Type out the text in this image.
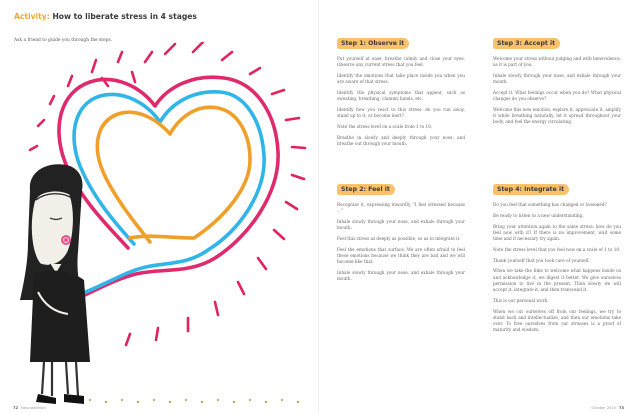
Activity: How to liberate stress in 4 stages
Ask a friend to guide you through the steps.	Step 1: Observe it

Put yourself at ease, breathe calmly and close your eyes. Observe any current stress that you feel.

Identify the emotions that take place inside you when you are aware of that stress.

Identify the physical symptoms that appear, such as sweating, breathing, clammy hands, etc.

Identify how you react to this stress: do you run away, stand up to it, or become inert?

Note the stress level on a scale from 1 to 10.

Breathe in slowly and deeply through your nose, and breathe out through your mouth.

Step 2: Feel it

Recognize it, expressing inwardly, "I feel stressed because ..."

Inhale slowly through your nose, and exhale through your mouth.

Feel this stress as deeply as possible, so as to integrate it.

Feel the emotions that surface. We are often afraid to feel these emotions because we think they are bad and we will become like that.

Inhale slowly through your nose, and exhale through your mouth.

Step 3: Accept it

Welcome your stress without judging and with benevolence, as it is part of you.

Inhale slowly through your nose, and exhale through your mouth.

Accept it. What feelings occur when you do? What physical changes do you observe?

Welcome this new emotion, explore it, appreciate it, amplify it while breathing naturally, let it spread throughout your body, and feel the energy circulating.

Step 4: Integrate it

Do you feel that something has changed or loosened?

Be ready to listen to a new understanding.

Bring your attention again to the same stress: how do you feel now with it? If there is no improvement, wait some time and if necessary try again.

Note the stress level that you feel now on a scale of 1 to 10.

Thank yourself that you took care of yourself.

When we take the time to welcome what happens inside us and acknowledge it, we digest it better. We give ourselves permission to live in the present. Then slowly we will accept it, integrate it, and then transcend it.

This is our personal work.

When we cut ourselves off from our feelings, we try to stand back and intellectualize, and then our emotions take over. To free ourselves from our stresses is a proof of maturity and wisdom.

72 Neurosthetics	October 2015 73
